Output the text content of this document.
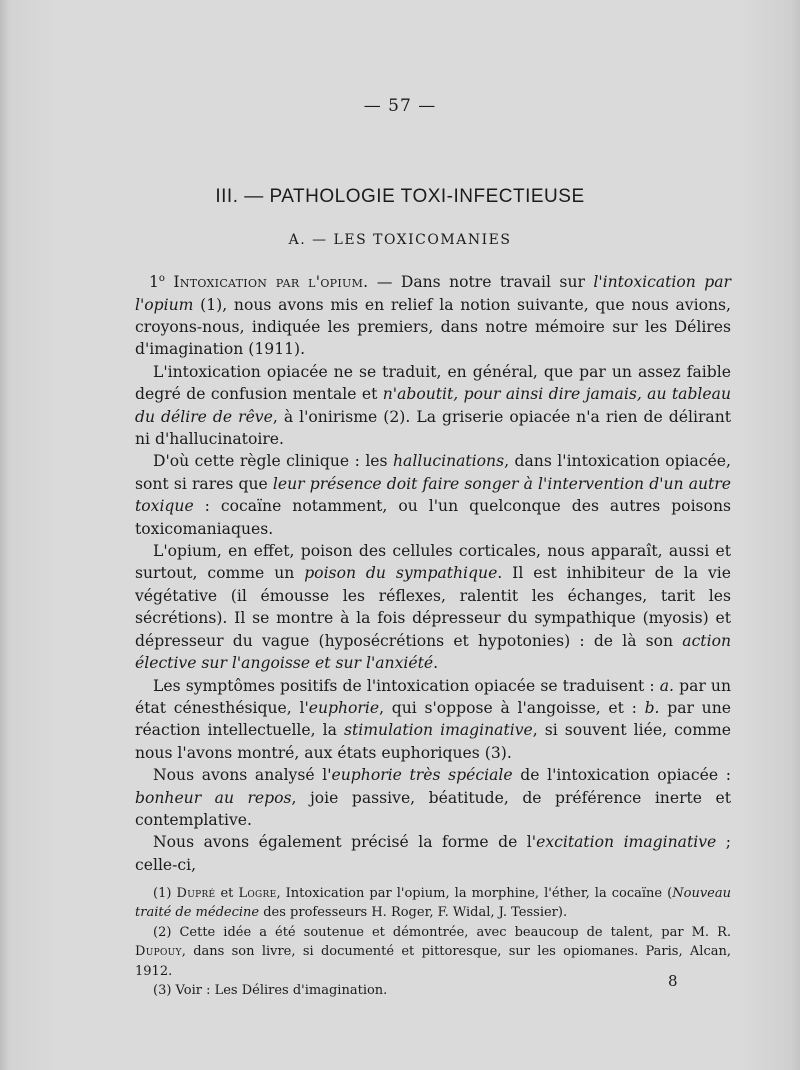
— 57 —
III. — PATHOLOGIE TOXI-INFECTIEUSE
A. — LES TOXICOMANIES

1$^o$ Intoxication par l'opium. — Dans notre travail sur l'intoxication par l'opium (1), nous avons mis en relief la notion suivante, que nous avions, croyons-nous, indiquée les premiers, dans notre mémoire sur les Délires d'imagination (1911).

L'intoxication opiacée ne se traduit, en général, que par un assez faible degré de confusion mentale et n'aboutit, pour ainsi dire jamais, au tableau du délire de rêve, à l'onirisme (2). La griserie opiacée n'a rien de délirant ni d'hallucinatoire.

D'où cette règle clinique : les hallucinations, dans l'intoxication opiacée, sont si rares que leur présence doit faire songer à l'intervention d'un autre toxique : cocaïne notamment, ou l'un quelconque des autres poisons toxicomaniaques.

L'opium, en effet, poison des cellules corticales, nous apparaît, aussi et surtout, comme un poison du sympathique. Il est inhibiteur de la vie végétative (il émousse les réflexes, ralentit les échanges, tarit les sécrétions). Il se montre à la fois dépresseur du sympathique (myosis) et dépresseur du vague (hyposécrétions et hypotonies) : de là son action élective sur l'angoisse et sur l'anxiété.

Les symptômes positifs de l'intoxication opiacée se traduisent : a. par un état cénesthésique, l'euphorie, qui s'oppose à l'angoisse, et : b. par une réaction intellectuelle, la stimulation imaginative, si souvent liée, comme nous l'avons montré, aux états euphoriques (3).

Nous avons analysé l'euphorie très spéciale de l'intoxication opiacée : bonheur au repos, joie passive, béatitude, de préférence inerte et contemplative.

Nous avons également précisé la forme de l'excitation imaginative ; celle-ci,

(1) Dupré et Logre, Intoxication par l'opium, la morphine, l'éther, la cocaïne (Nouveau traité de médecine des professeurs H. Roger, F. Widal, J. Tessier).

(2) Cette idée a été soutenue et démontrée, avec beaucoup de talent, par M. R. Dupouy, dans son livre, si documenté et pittoresque, sur les opiomanes. Paris, Alcan, 1912.

(3) Voir : Les Délires d'imagination.

8
